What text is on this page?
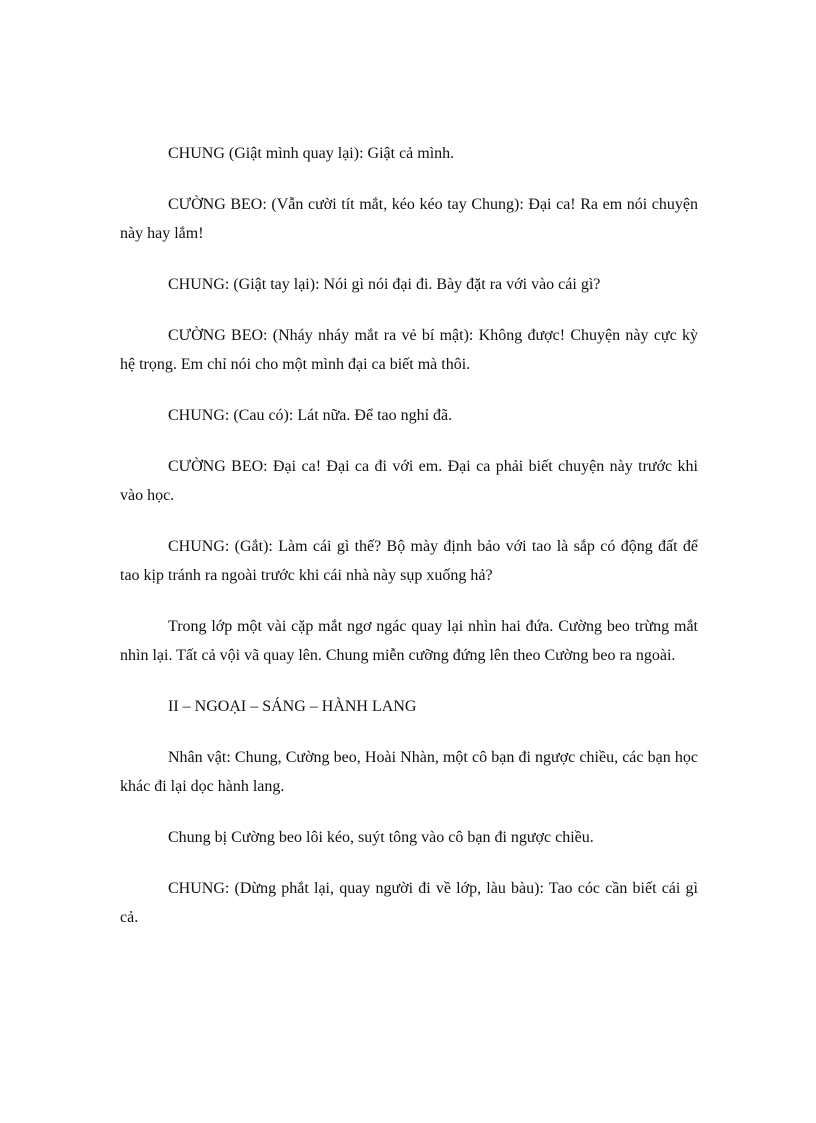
CHUNG (Giật mình quay lại): Giật cả mình.

CƯỜNG BEO: (Vẫn cười tít mắt, kéo kéo tay Chung): Đại ca! Ra em nói chuyện này hay lắm!

CHUNG: (Giật tay lại): Nói gì nói đại đi. Bày đặt ra với vào cái gì?

CƯỜNG BEO: (Nháy nháy mắt ra vẻ bí mật): Không được! Chuyện này cực kỳ hệ trọng. Em chỉ nói cho một mình đại ca biết mà thôi.

CHUNG: (Cau có): Lát nữa. Để tao nghỉ đã.

CƯỜNG BEO: Đại ca! Đại ca đi với em. Đại ca phải biết chuyện này trước khi vào học.

CHUNG: (Gắt): Làm cái gì thế? Bộ mày định bảo với tao là sắp có động đất để tao kịp tránh ra ngoài trước khi cái nhà này sụp xuống hả?

Trong lớp một vài cặp mắt ngơ ngác quay lại nhìn hai đứa. Cường beo trừng mắt nhìn lại. Tất cả vội vã quay lên. Chung miễn cưỡng đứng lên theo Cường beo ra ngoài.

II – NGOẠI – SÁNG – HÀNH LANG

Nhân vật: Chung, Cường beo, Hoài Nhàn, một cô bạn đi ngược chiều, các bạn học khác đi lại dọc hành lang.

Chung bị Cường beo lôi kéo, suýt tông vào cô bạn đi ngược chiều.

CHUNG: (Dừng phắt lại, quay người đi về lớp, làu bàu): Tao cóc cần biết cái gì cả.
